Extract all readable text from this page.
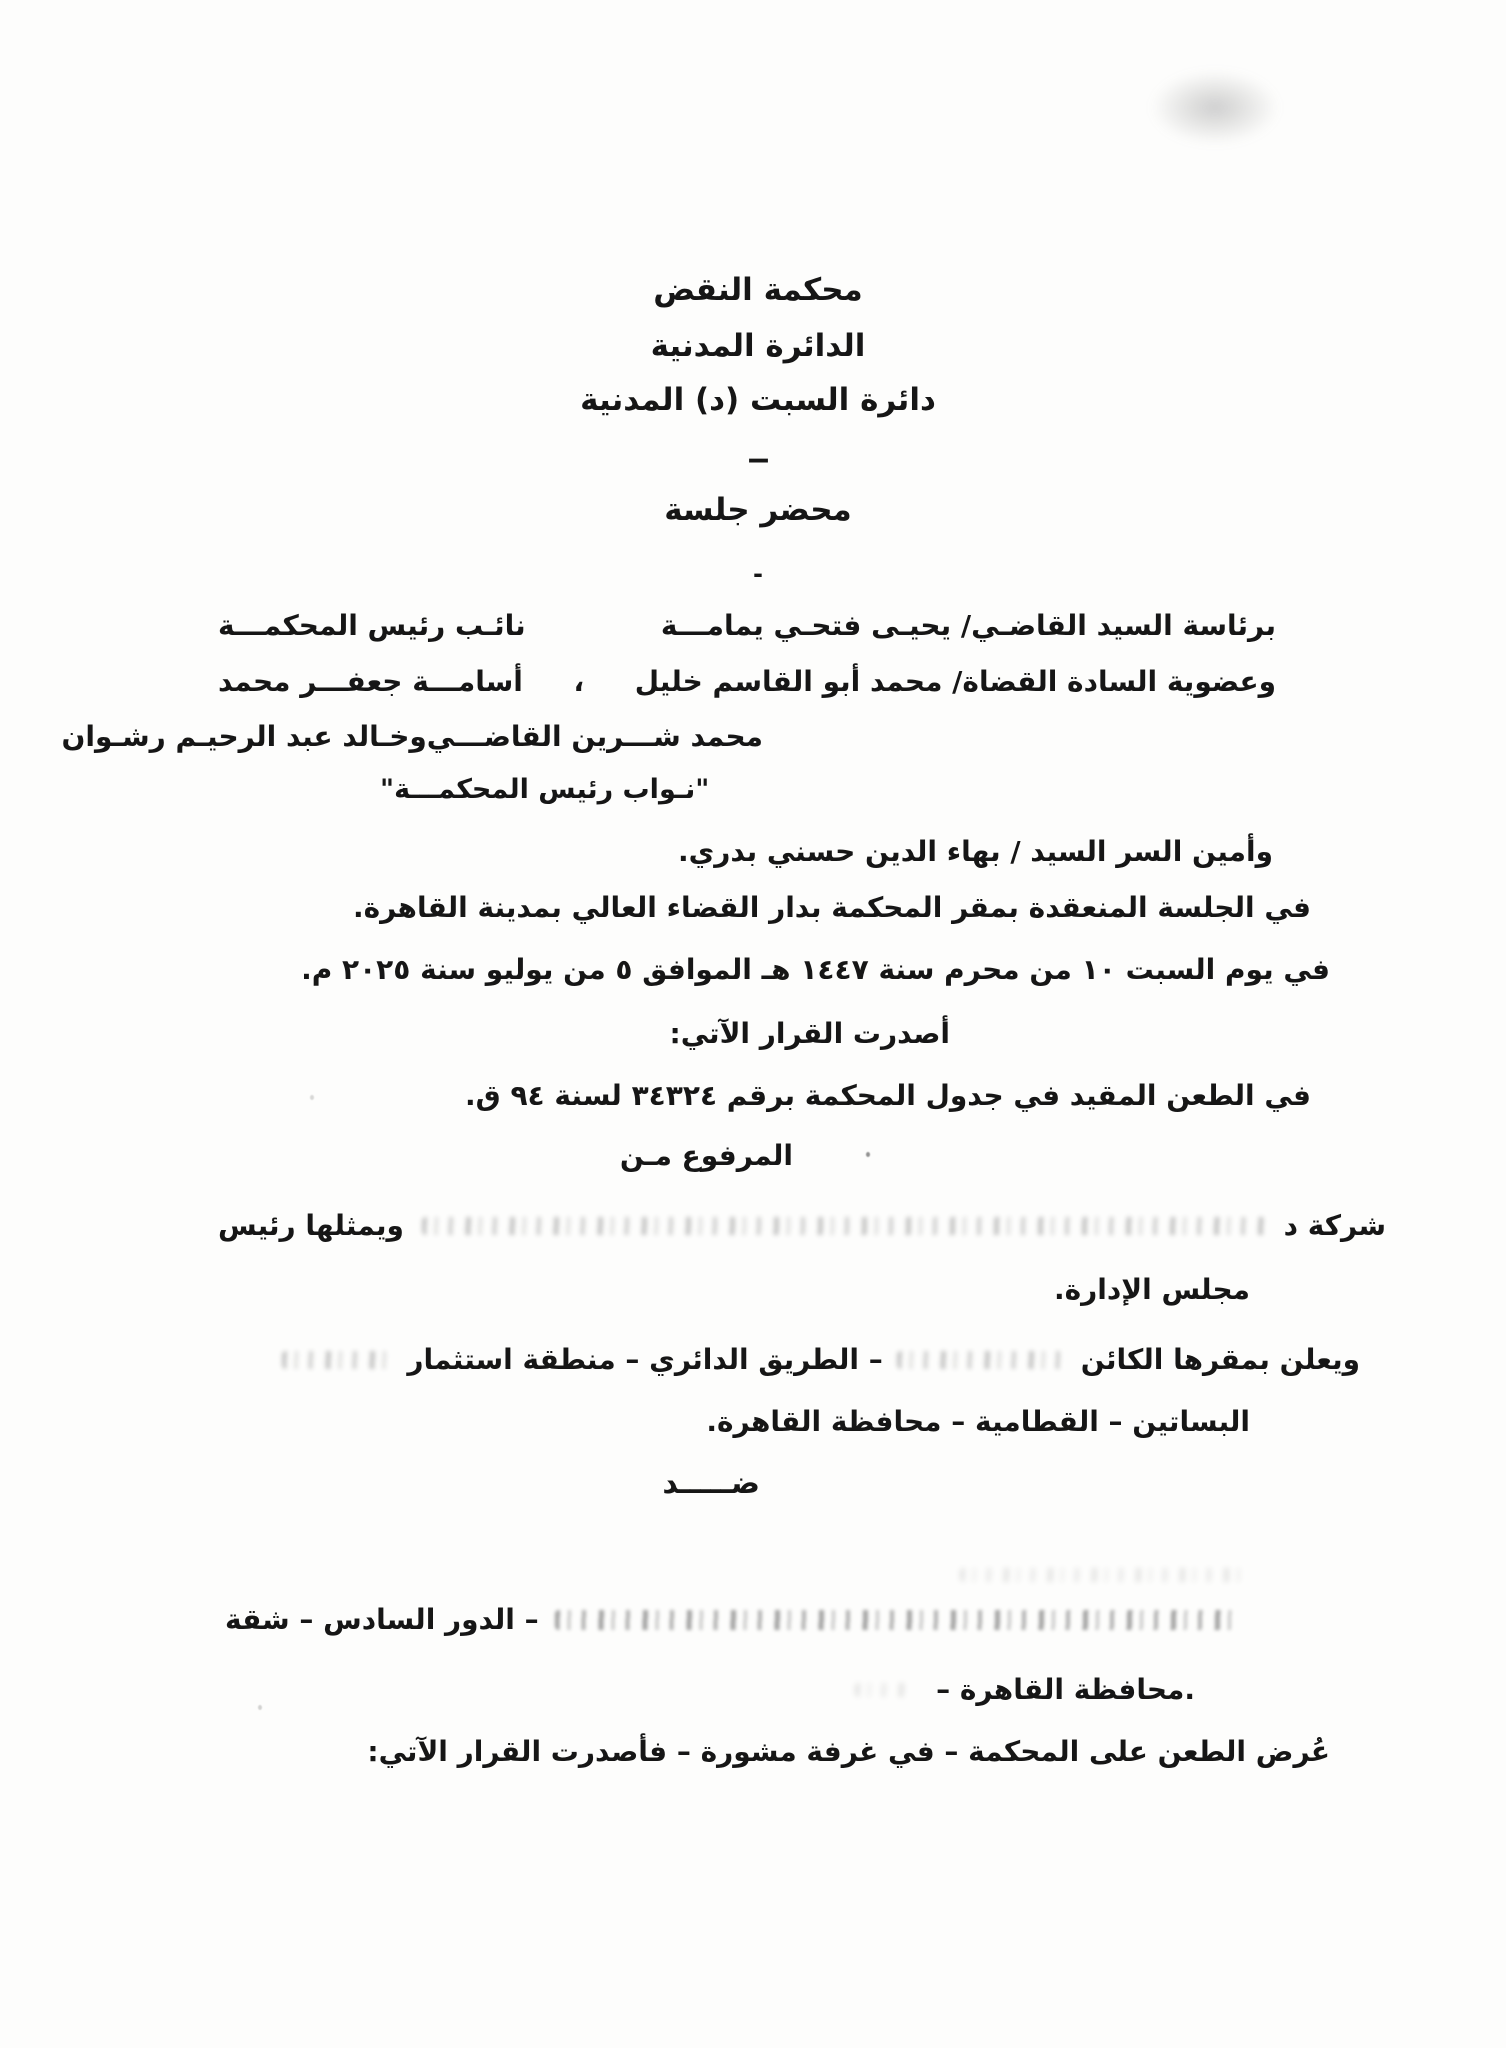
محكمة النقض
الدائرة المدنية
دائرة السبت (د) المدنية
–
محضر جلسة
-
برئاسة السيد القاضـي/ يحيـى فتحـي يمامـــة
نائـب رئيس المحكمـــة
وعضوية السادة القضاة/ محمد أبو القاسم خليل
،
أسامـــة جعفـــر محمد
محمد شـــرين القاضـــي
و
خـالد عبد الرحيـم رشـوان
"نـواب رئيس المحكمـــة"
وأمين السر السيد / بهاء الدين حسني بدري.
في الجلسة المنعقدة بمقر المحكمة بدار القضاء العالي بمدينة القاهرة.
في يوم السبت ١٠ من محرم سنة ١٤٤٧ هـ الموافق ٥ من يوليو سنة ٢٠٢٥ م.
أصدرت القرار الآتي:
في الطعن المقيد في جدول المحكمة برقم ٣٤٣٢٤ لسنة ٩٤ ق.
المرفوع مـن
شركة د
ويمثلها رئيس
مجلس الإدارة.
ويعلن بمقرها الكائن
– الطريق الدائري – منطقة استثمار
البساتين – القطامية – محافظة القاهرة.
ضـــــد
– الدور السادس – شقة
– محافظة القاهرة.
عُرض الطعن على المحكمة – في غرفة مشورة – فأصدرت القرار الآتي:
